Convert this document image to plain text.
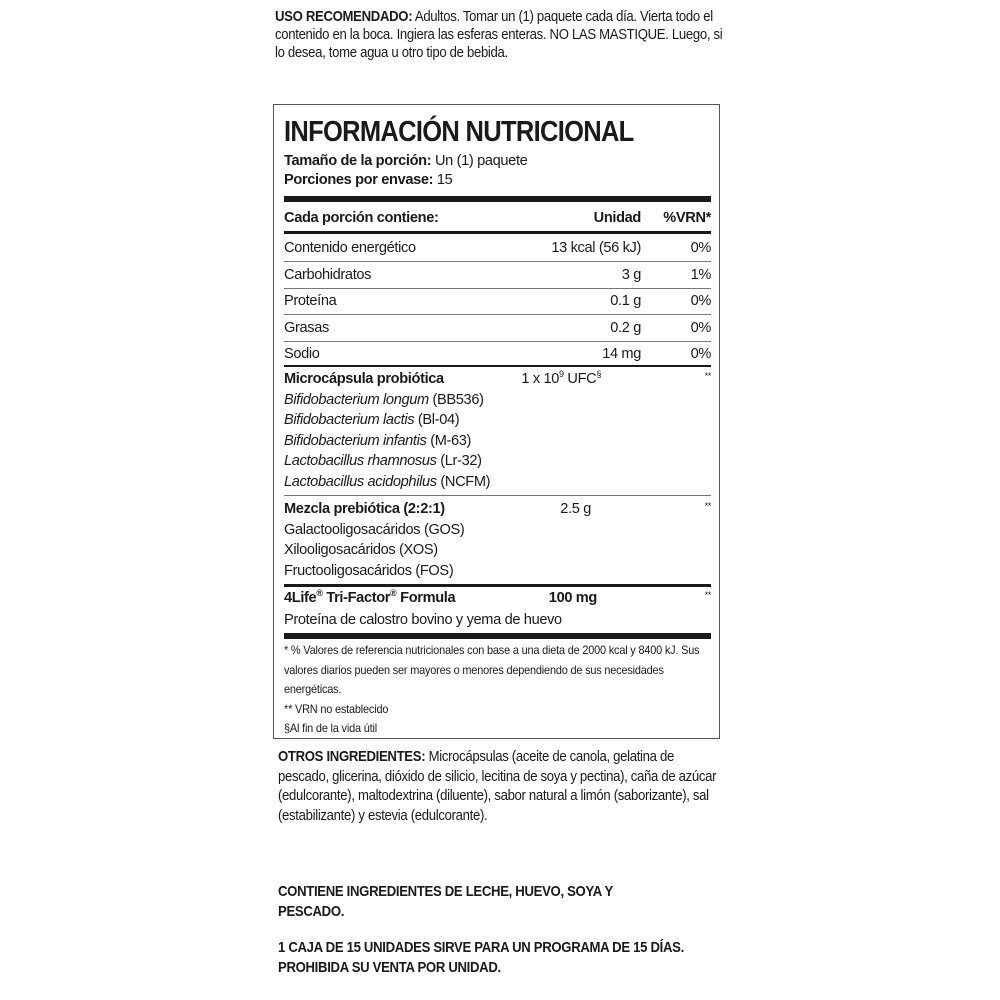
USO RECOMENDADO: Adultos. Tomar un (1) paquete cada día. Vierta todo el contenido en la boca. Ingiera las esferas enteras. NO LAS MASTIQUE. Luego, si lo desea, tome agua u otro tipo de bebida.
INFORMACIÓN NUTRICIONAL
Tamaño de la porción: Un (1) paquete
Porciones por envase: 15
Cada porción contiene:	Unidad	%VRN*
Contenido energético	13 kcal (56 kJ)	0%
Carbohidratos	3 g	1%
Proteína	0.1 g	0%
Grasas	0.2 g	0%
Sodio	14 mg	0%
Microcápsula probiótica	1 x $10^9$ UFC§	**
Bifidobacterium longum (BB536)
Bifidobacterium lactis (Bl-04)
Bifidobacterium infantis (M-63)
Lactobacillus rhamnosus (Lr-32)
Lactobacillus acidophilus (NCFM)
Mezcla prebiótica (2:2:1)	2.5 g	**
Galactooligosacáridos (GOS)
Xilooligosacáridos (XOS)
Fructooligosacáridos (FOS)
4Life® Tri-Factor® Formula	100 mg	**
Proteína de calostro bovino y yema de huevo
* % Valores de referencia nutricionales con base a una dieta de 2000 kcal y 8400 kJ. Sus valores diarios pueden ser mayores o menores dependiendo de sus necesidades energéticas.
** VRN no establecido
§Al fin de la vida útil
OTROS INGREDIENTES: Microcápsulas (aceite de canola, gelatina de pescado, glicerina, dióxido de silicio, lecitina de soya y pectina), caña de azúcar (edulcorante), maltodextrina (diluente), sabor natural a limón (saborizante), sal (estabilizante) y estevia (edulcorante).
CONTIENE INGREDIENTES DE LECHE, HUEVO, SOYA Y PESCADO.
1 CAJA DE 15 UNIDADES SIRVE PARA UN PROGRAMA DE 15 DÍAS. PROHIBIDA SU VENTA POR UNIDAD.
